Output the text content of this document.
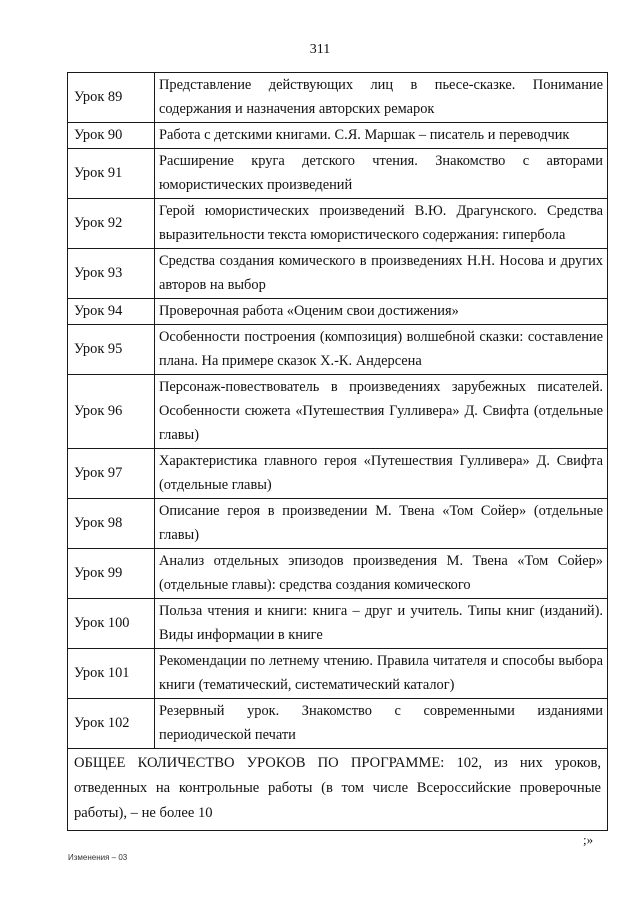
311
Урок 89	Представление действующих лиц в пьесе-сказке. Понимание содержания и назначения авторских ремарок
Урок 90	Работа с детскими книгами. С.Я. Маршак – писатель и переводчик
Урок 91	Расширение круга детского чтения. Знакомство с авторами юмористических произведений
Урок 92	Герой юмористических произведений В.Ю. Драгунского. Средства выразительности текста юмористического содержания: гипербола
Урок 93	Средства создания комического в произведениях Н.Н. Носова и других авторов на выбор
Урок 94	Проверочная работа «Оценим свои достижения»
Урок 95	Особенности построения (композиция) волшебной сказки: составление плана. На примере сказок Х.-К. Андерсена
Урок 96	Персонаж-повествователь в произведениях зарубежных писателей. Особенности сюжета «Путешествия Гулливера» Д. Свифта (отдельные главы)
Урок 97	Характеристика главного героя «Путешествия Гулливера» Д. Свифта (отдельные главы)
Урок 98	Описание героя в произведении М. Твена «Том Сойер» (отдельные главы)
Урок 99	Анализ отдельных эпизодов произведения М. Твена «Том Сойер» (отдельные главы): средства создания комического
Урок 100	Польза чтения и книги: книга – друг и учитель. Типы книг (изданий). Виды информации в книге
Урок 101	Рекомендации по летнему чтению. Правила читателя и способы выбора книги (тематический, систематический каталог)
Урок 102	Резервный урок. Знакомство с современными изданиями периодической печати
ОБЩЕЕ КОЛИЧЕСТВО УРОКОВ ПО ПРОГРАММЕ: 102, из них уроков, отведенных на контрольные работы (в том числе Всероссийские проверочные работы), – не более 10	
;»
Изменения – 03
